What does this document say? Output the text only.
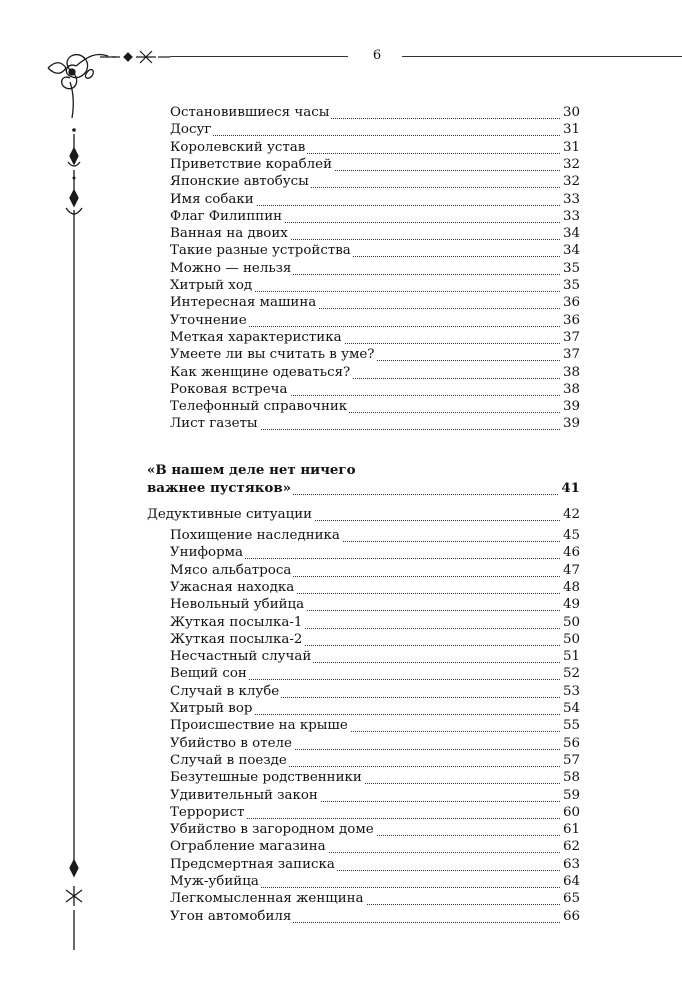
6
Остановившиеся часы	30
Досуг	31
Королевский устав	31
Приветствие кораблей	32
Японские автобусы	32
Имя собаки	33
Флаг Филиппин	33
Ванная на двоих	34
Такие разные устройства	34
Можно — нельзя	35
Хитрый ход	35
Интересная машина	36
Уточнение	36
Меткая характеристика	37
Умеете ли вы считать в уме?	37
Как женщине одеваться?	38
Роковая встреча	38
Телефонный справочник	39
Лист газеты	39
«В нашем деле нет ничего
важнее пустяков»	41
Дедуктивные ситуации	42
Похищение наследника	45
Униформа	46
Мясо альбатроса	47
Ужасная находка	48
Невольный убийца	49
Жуткая посылка-1	50
Жуткая посылка-2	50
Несчастный случай	51
Вещий сон	52
Случай в клубе	53
Хитрый вор	54
Происшествие на крыше	55
Убийство в отеле	56
Случай в поезде	57
Безутешные родственники	58
Удивительный закон	59
Террорист	60
Убийство в загородном доме	61
Ограбление магазина	62
Предсмертная записка	63
Муж-убийца	64
Легкомысленная женщина	65
Угон автомобиля	66
